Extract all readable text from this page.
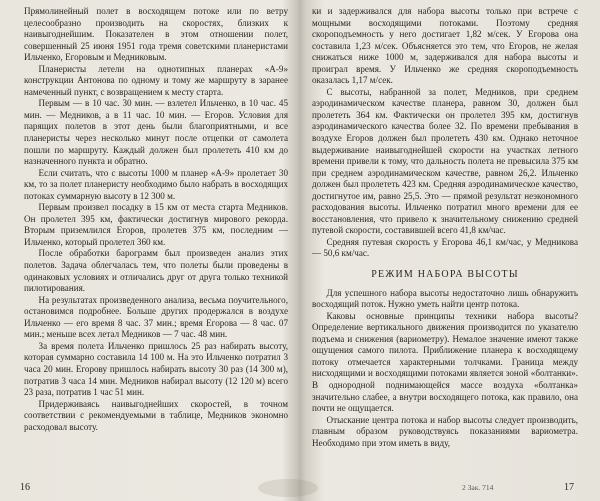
Прямолинейный полет в восходящем потоке или по ветру целесообразно производить на скоростях, близких к наивыгоднейшим. Показателен в этом отношении полет, совершенный 25 июня 1951 года тремя советскими планеристами Ильченко, Егоровым и Медниковым.

Планеристы летели на однотипных планерах «А-9» конструкции Антонова по одному и тому же маршруту в заранее намеченный пункт, с возвращением к месту старта.

Первым — в 10 час. 30 мин. — взлетел Ильченко, в 10 час. 45 мин. — Медников, а в 11 час. 10 мин. — Егоров. Условия для парящих полетов в этот день были благоприятными, и все планеристы через несколько минут после отцепки от самолета пошли по маршруту. Каждый должен был пролететь 410 км до назначенного пункта и обратно.

Если считать, что с высоты 1000 м планер «А-9» пролетает 30 км, то за полет планеристу необходимо было набрать в восходящих потоках суммарную высоту в 12 300 м.

Первым произвел посадку в 15 км от места старта Медников. Он пролетел 395 км, фактически достигнув мирового рекорда. Вторым приземлился Егоров, пролетев 375 км, последним — Ильченко, который пролетел 360 км.

После обработки барограмм был произведен анализ этих полетов. Задача облегчалась тем, что полеты были проведены в одинаковых условиях и отличались друг от друга только техникой пилотирования.

На результатах произведенного анализа, весьма поучительного, остановимся подробнее. Больше других продержался в воздухе Ильченко — его время 8 час. 37 мин.; время Егорова — 8 час. 07 мин.; меньше всех летал Медников — 7 час. 48 мин.

За время полета Ильченко пришлось 25 раз набирать высоту, которая суммарно составила 14 100 м. На это Ильченко потратил 3 часа 20 мин. Егорову пришлось набирать высоту 30 раз (14 300 м), потратив 3 часа 14 мин. Медников набирал высоту (12 120 м) всего 23 раза, потратив 1 час 51 мин.

Придерживаясь наивыгоднейших скоростей, в точном соответствии с рекомендуемыми в таблице, Медников экономно расходовал высоту.

16

ки и задерживался для набора высоты только при встрече с мощными восходящими потоками. Поэтому средняя скороподъемность у него достигает 1,82 м/сек. У Егорова она составила 1,23 м/сек. Объясняется это тем, что Егоров, не желая снижаться ниже 1000 м, задерживался для набора высоты и проиграл время. У Ильченко же средняя скороподъемность оказалась 1,17 м/сек.

С высоты, набранной за полет, Медников, при среднем аэродинамическом качестве планера, равном 30, должен был пролететь 364 км. Фактически он пролетел 395 км, достигнув аэродинамического качества более 32. По времени пребывания в воздухе Егоров должен был пролететь 430 км. Однако неточное выдерживание наивыгоднейшей скорости на участках летного времени привели к тому, что дальность полета не превысила 375 км при среднем аэродинамическом качестве, равном 26,2. Ильченко должен был пролететь 423 км. Средняя аэродинамическое качество, достигнутое им, равно 25,5. Это — прямой результат неэкономного расходования высоты. Ильченко потратил много времени для ее восстановления, что привело к значительному снижению средней путевой скорости, составившей всего 41,8 км/час.

Средняя путевая скорость у Егорова 46,1 км/час, у Медникова — 50,6 км/час.

РЕЖИМ НАБОРА ВЫСОТЫ

Для успешного набора высоты недостаточно лишь обнаружить восходящий поток. Нужно уметь найти центр потока.

Каковы основные принципы техники набора высоты? Определение вертикального движения производится по указателю подъема и снижения (вариометру). Немалое значение имеют также ощущения самого пилота. Приближение планера к восходящему потоку отмечается характерными толчками. Граница между нисходящими и восходящими потоками является зоной «болтанки». В однородной поднимающейся массе воздуха «болтанка» значительно слабее, а внутри восходящего потока, как правило, она почти не ощущается.

Отыскание центра потока и набор высоты следует производить, главным образом руководствуясь показаниями вариометра. Необходимо при этом иметь в виду,

2 Зак. 714	17
